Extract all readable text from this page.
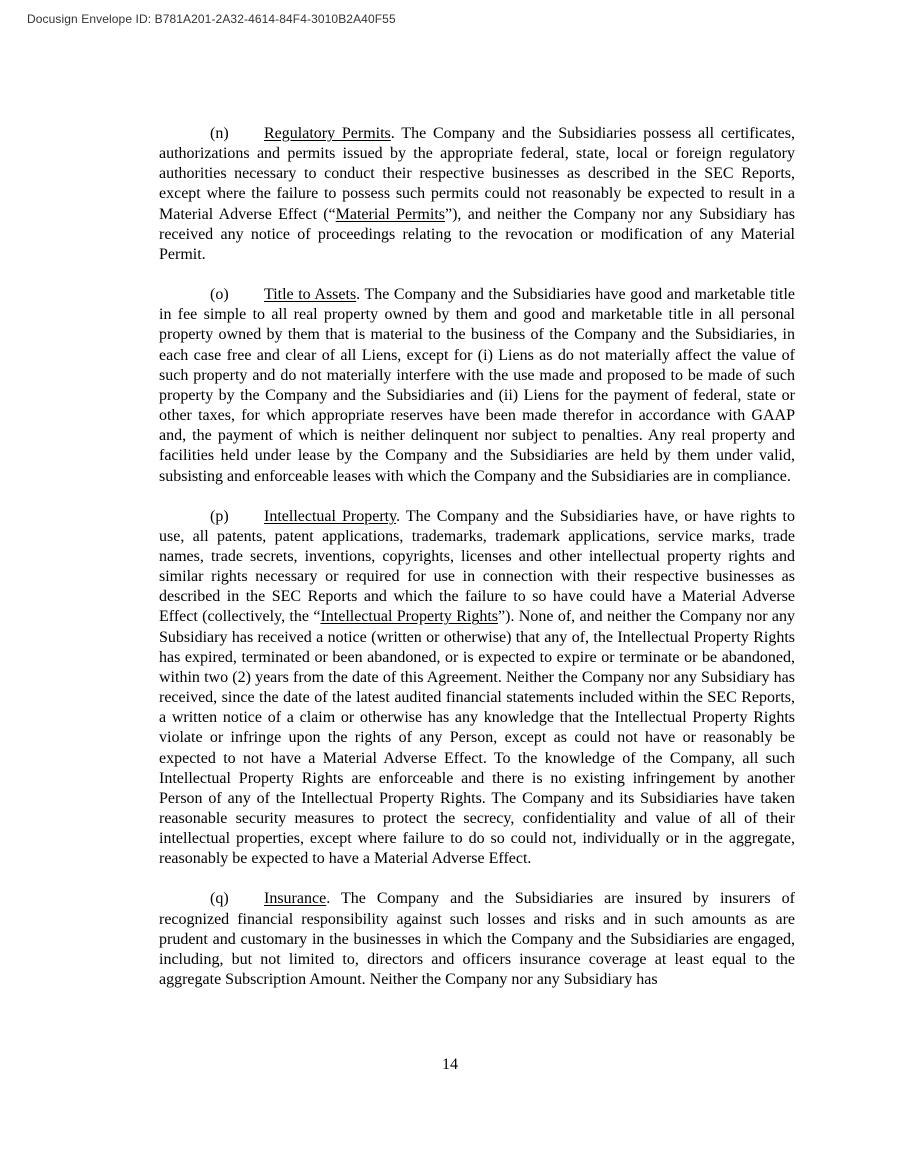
Docusign Envelope ID: B781A201-2A32-4614-84F4-3010B2A40F55

(n) Regulatory Permits. The Company and the Subsidiaries possess all certificates, authorizations and permits issued by the appropriate federal, state, local or foreign regulatory authorities necessary to conduct their respective businesses as described in the SEC Reports, except where the failure to possess such permits could not reasonably be expected to result in a Material Adverse Effect (“Material Permits”), and neither the Company nor any Subsidiary has received any notice of proceedings relating to the revocation or modification of any Material Permit.

(o) Title to Assets. The Company and the Subsidiaries have good and marketable title in fee simple to all real property owned by them and good and marketable title in all personal property owned by them that is material to the business of the Company and the Subsidiaries, in each case free and clear of all Liens, except for (i) Liens as do not materially affect the value of such property and do not materially interfere with the use made and proposed to be made of such property by the Company and the Subsidiaries and (ii) Liens for the payment of federal, state or other taxes, for which appropriate reserves have been made therefor in accordance with GAAP and, the payment of which is neither delinquent nor subject to penalties. Any real property and facilities held under lease by the Company and the Subsidiaries are held by them under valid, subsisting and enforceable leases with which the Company and the Subsidiaries are in compliance.

(p) Intellectual Property. The Company and the Subsidiaries have, or have rights to use, all patents, patent applications, trademarks, trademark applications, service marks, trade names, trade secrets, inventions, copyrights, licenses and other intellectual property rights and similar rights necessary or required for use in connection with their respective businesses as described in the SEC Reports and which the failure to so have could have a Material Adverse Effect (collectively, the “Intellectual Property Rights”). None of, and neither the Company nor any Subsidiary has received a notice (written or otherwise) that any of, the Intellectual Property Rights has expired, terminated or been abandoned, or is expected to expire or terminate or be abandoned, within two (2) years from the date of this Agreement. Neither the Company nor any Subsidiary has received, since the date of the latest audited financial statements included within the SEC Reports, a written notice of a claim or otherwise has any knowledge that the Intellectual Property Rights violate or infringe upon the rights of any Person, except as could not have or reasonably be expected to not have a Material Adverse Effect. To the knowledge of the Company, all such Intellectual Property Rights are enforceable and there is no existing infringement by another Person of any of the Intellectual Property Rights. The Company and its Subsidiaries have taken reasonable security measures to protect the secrecy, confidentiality and value of all of their intellectual properties, except where failure to do so could not, individually or in the aggregate, reasonably be expected to have a Material Adverse Effect.

(q) Insurance. The Company and the Subsidiaries are insured by insurers of recognized financial responsibility against such losses and risks and in such amounts as are prudent and customary in the businesses in which the Company and the Subsidiaries are engaged, including, but not limited to, directors and officers insurance coverage at least equal to the aggregate Subscription Amount. Neither the Company nor any Subsidiary has

14
